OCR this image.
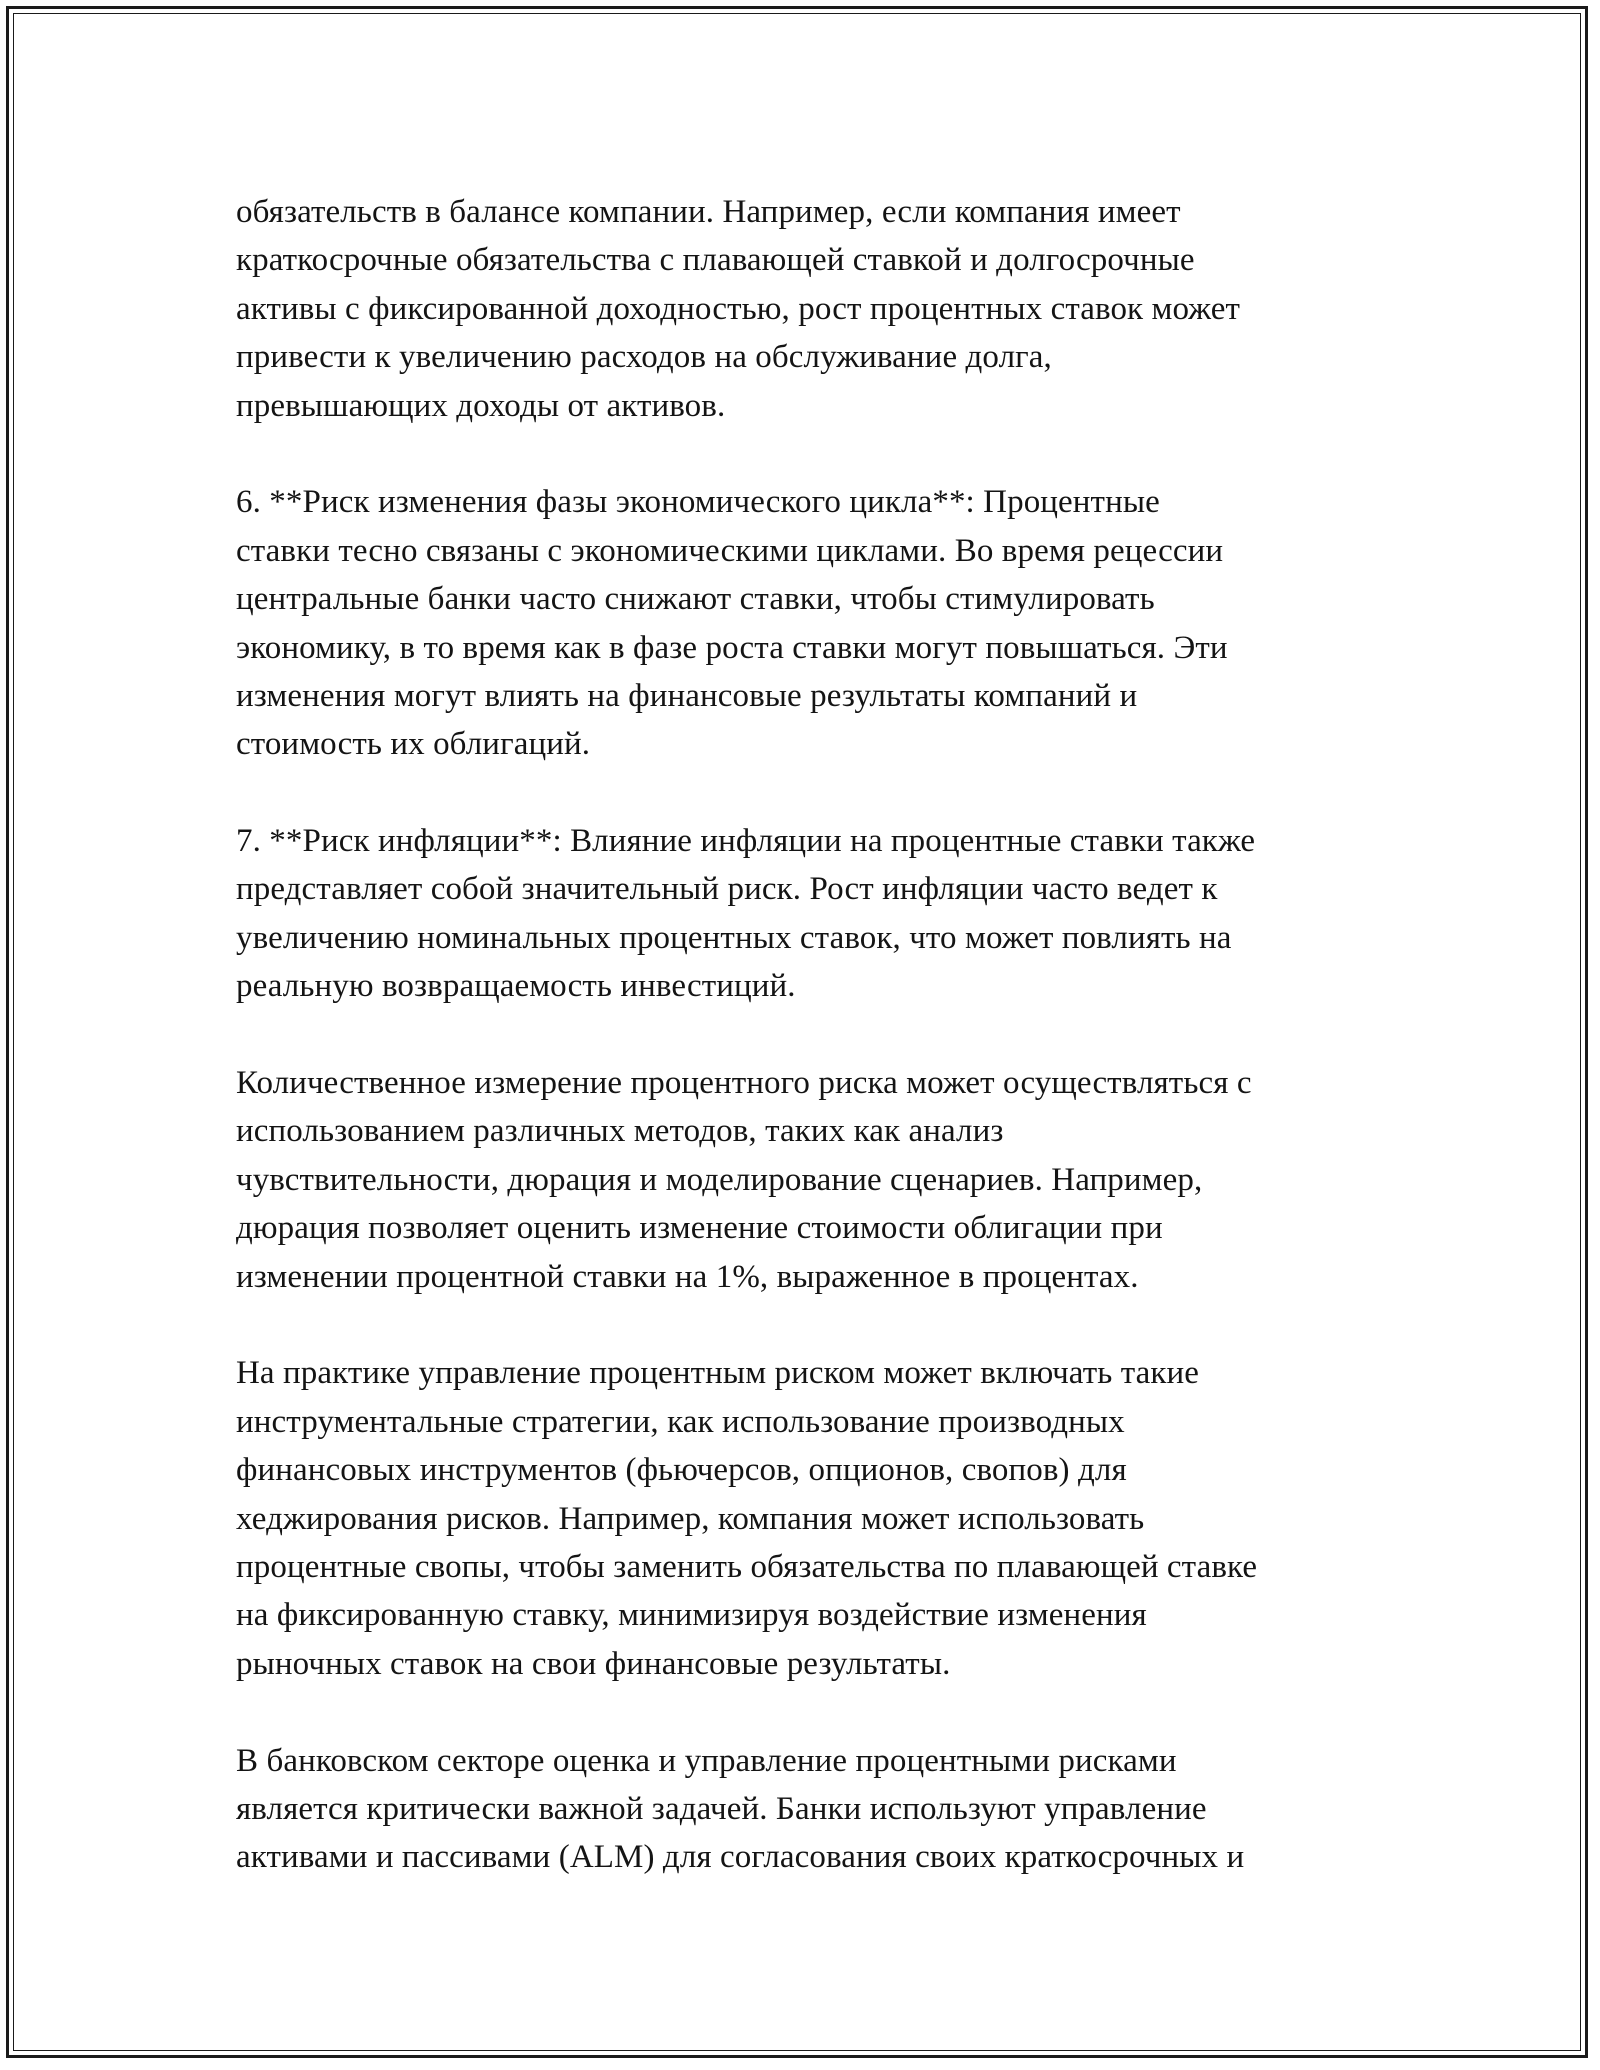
обязательств в балансе компании. Например, если компания имеет
краткосрочные обязательства с плавающей ставкой и долгосрочные
активы с фиксированной доходностью, рост процентных ставок может
привести к увеличению расходов на обслуживание долга,
превышающих доходы от активов.
6. **Риск изменения фазы экономического цикла**: Процентные
ставки тесно связаны с экономическими циклами. Во время рецессии
центральные банки часто снижают ставки, чтобы стимулировать
экономику, в то время как в фазе роста ставки могут повышаться. Эти
изменения могут влиять на финансовые результаты компаний и
стоимость их облигаций.
7. **Риск инфляции**: Влияние инфляции на процентные ставки также
представляет собой значительный риск. Рост инфляции часто ведет к
увеличению номинальных процентных ставок, что может повлиять на
реальную возвращаемость инвестиций.
Количественное измерение процентного риска может осуществляться с
использованием различных методов, таких как анализ
чувствительности, дюрация и моделирование сценариев. Например,
дюрация позволяет оценить изменение стоимости облигации при
изменении процентной ставки на 1%, выраженное в процентах.
На практике управление процентным риском может включать такие
инструментальные стратегии, как использование производных
финансовых инструментов (фьючерсов, опционов, свопов) для
хеджирования рисков. Например, компания может использовать
процентные свопы, чтобы заменить обязательства по плавающей ставке
на фиксированную ставку, минимизируя воздействие изменения
рыночных ставок на свои финансовые результаты.
В банковском секторе оценка и управление процентными рисками
является критически важной задачей. Банки используют управление
активами и пассивами (ALM) для согласования своих краткосрочных и
